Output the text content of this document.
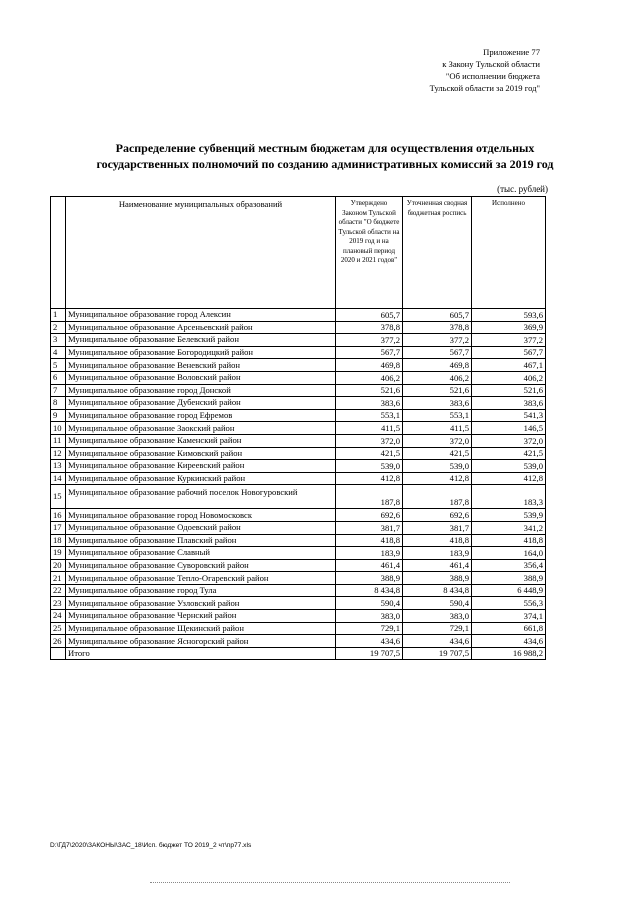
Приложение 77
к Закону Тульской области
"Об исполнении бюджета
Тульской области за 2019 год"
Распределение субвенций местным бюджетам для осуществления отдельных
государственных полномочий по созданию административных комиссий за 2019 год
(тыс. рублей)
	Наименование муниципальных образований	Утверждено Законом Тульской области "О бюджете Тульской области на 2019 год и на плановый период 2020 и 2021 годов"	Уточненная сводная бюджетная роспись	Исполнено
1	Муниципальное образование город Алексин	605,7	605,7	593,6
2	Муниципальное образование Арсеньевский район	378,8	378,8	369,9
3	Муниципальное образование Белевский район	377,2	377,2	377,2
4	Муниципальное образование Богородицкий район	567,7	567,7	567,7
5	Муниципальное образование Веневский район	469,8	469,8	467,1
6	Муниципальное образование Воловский район	406,2	406,2	406,2
7	Муниципальное образование город Донской	521,6	521,6	521,6
8	Муниципальное образование Дубенский район	383,6	383,6	383,6
9	Муниципальное образование город Ефремов	553,1	553,1	541,3
10	Муниципальное образование Заокский район	411,5	411,5	146,5
11	Муниципальное образование Каменский район	372,0	372,0	372,0
12	Муниципальное образование Кимовский район	421,5	421,5	421,5
13	Муниципальное образование Киреевский район	539,0	539,0	539,0
14	Муниципальное образование Куркинский район	412,8	412,8	412,8
15	Муниципальное образование рабочий поселок Новогуровский	187,8	187,8	183,3
16	Муниципальное образование город Новомосковск	692,6	692,6	539,9
17	Муниципальное образование Одоевский район	381,7	381,7	341,2
18	Муниципальное образование Плавский район	418,8	418,8	418,8
19	Муниципальное образование Славный	183,9	183,9	164,0
20	Муниципальное образование Суворовский район	461,4	461,4	356,4
21	Муниципальное образование Тепло-Огаревский район	388,9	388,9	388,9
22	Муниципальное образование город Тула	8 434,8	8 434,8	6 448,9
23	Муниципальное образование Узловский район	590,4	590,4	556,3
24	Муниципальное образование Чернский район	383,0	383,0	374,1
25	Муниципальное образование Щекинский район	729,1	729,1	661,8
26	Муниципальное образование Ясногорский район	434,6	434,6	434,6
	Итого	19 707,5	19 707,5	16 988,2
D:\ГД7\2020\ЗАКОНЫ\ЗАС_18\Исп. бюджет ТО 2019_2 чт\пр77.xls
